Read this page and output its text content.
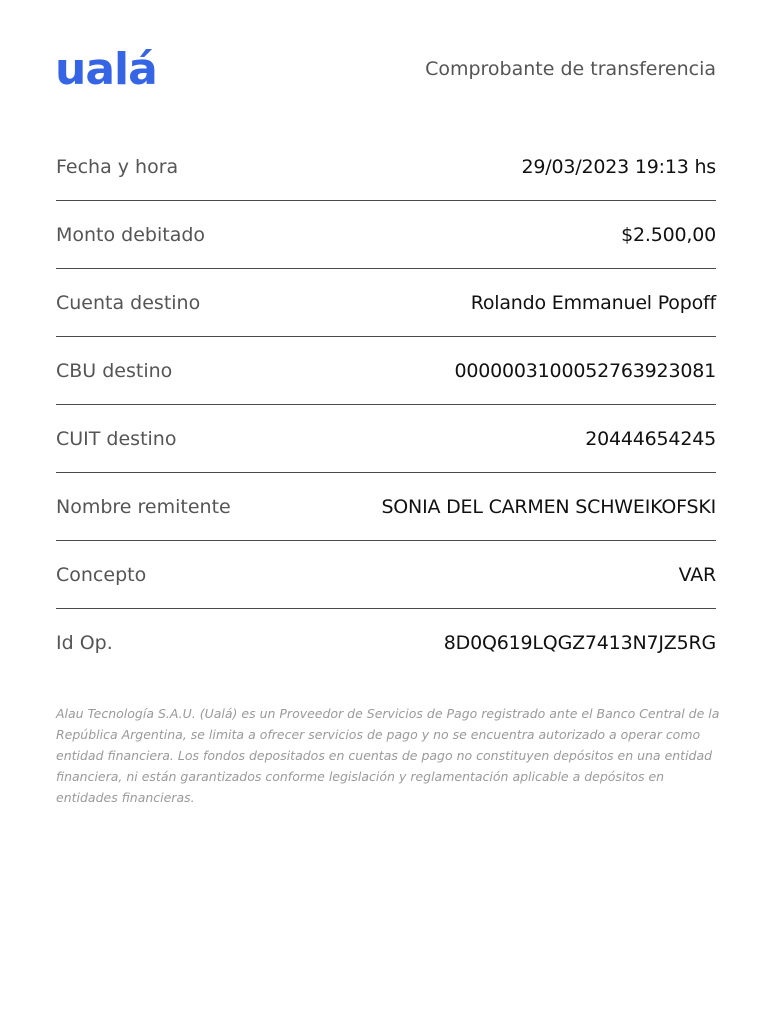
ualá	Comprobante de transferencia
Fecha y hora	29/03/2023 19:13 hs
Monto debitado	$2.500,00
Cuenta destino	Rolando Emmanuel Popoff
CBU destino	0000003100052763923081
CUIT destino	20444654245
Nombre remitente	SONIA DEL CARMEN SCHWEIKOFSKI
Concepto	VAR
Id Op.	8D0Q619LQGZ7413N7JZ5RG
Alau Tecnología S.A.U. (Ualá) es un Proveedor de Servicios de Pago registrado ante el Banco Central de la República Argentina, se limita a ofrecer servicios de pago y no se encuentra autorizado a operar como entidad financiera. Los fondos depositados en cuentas de pago no constituyen depósitos en una entidad financiera, ni están garantizados conforme legislación y reglamentación aplicable a depósitos en entidades financieras.
